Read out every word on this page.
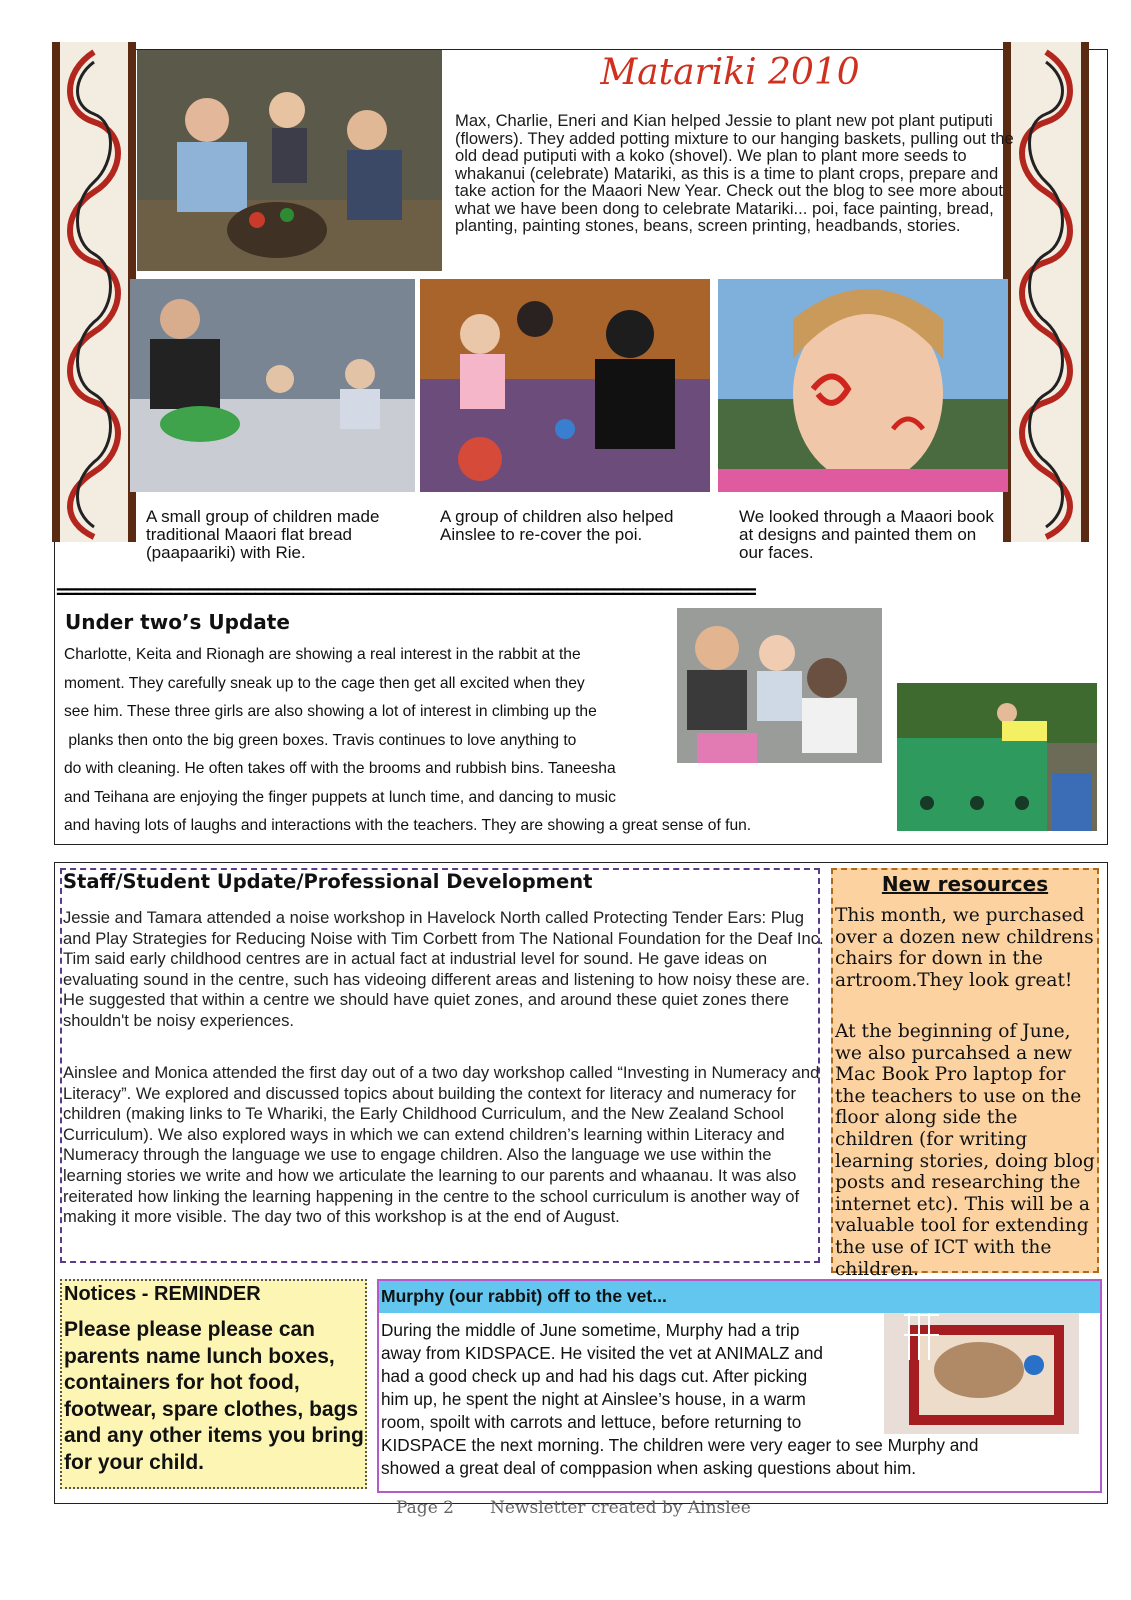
Matariki 2010
Max, Charlie, Eneri and Kian helped Jessie to plant new pot plant putiputi (flowers). They added potting mixture to our hanging baskets, pulling out the old dead putiputi with a koko (shovel). We plan to plant more seeds to whakanui (celebrate) Matariki, as this is a time to plant crops, prepare and take action for the Maaori New Year. Check out the blog to see more about what we have been dong to celebrate Matariki... poi, face painting, bread, planting, painting stones, beans, screen printing, headbands, stories.
A small group of children made traditional Maaori flat bread (paapaariki) with Rie.
A group of children also helped Ainslee to re-cover the poi.
We looked through a Maaori book at designs and painted them on our faces.
==========================================================================
Under two’s Update
Charlotte, Keita and Rionagh are showing a real interest in the rabbit at the
moment. They carefully sneak up to the cage then get all excited when they
see him. These three girls are also showing a lot of interest in climbing up the
planks then onto the big green boxes. Travis continues to love anything to
do with cleaning. He often takes off with the brooms and rubbish bins. Taneesha
and Teihana are enjoying the finger puppets at lunch time, and dancing to music
and having lots of laughs and interactions with the teachers. They are showing a great sense of fun.
Staff/Student Update/Professional Development
Jessie and Tamara attended a noise workshop in Havelock North called Protecting Tender Ears: Plug and Play Strategies for Reducing Noise with Tim Corbett from The National Foundation for the Deaf Inc. Tim said early childhood centres are in actual fact at industrial level for sound. He gave ideas on evaluating sound in the centre, such has videoing different areas and listening to how noisy these are. He suggested that within a centre we should have quiet zones, and around these quiet zones there shouldn't be noisy experiences.
Ainslee and Monica attended the first day out of a two day workshop called “Investing in Numeracy and Literacy”. We explored and discussed topics about building the context for literacy and numeracy for children (making links to Te Whariki, the Early Childhood Curriculum, and the New Zealand School Curriculum). We also explored ways in which we can extend children’s learning within Literacy and Numeracy through the language we use to engage children. Also the language we use within the learning stories we write and how we articulate the learning to our parents and whaanau. It was also reiterated how linking the learning happening in the centre to the school curriculum is another way of making it more visible. The day two of this workshop is at the end of August.
New resources
This month, we purchased over a dozen new childrens chairs for down in the artroom.They look great!
At the beginning of June, we also purcahsed a new Mac Book Pro laptop for the teachers to use on the floor along side the children (for writing learning stories, doing blog posts and researching the internet etc). This will be a valuable tool for extending the use of ICT with the children.
Notices - REMINDER
Please please please can parents name lunch boxes, containers for hot food, footwear, spare clothes, bags and any other items you bring for your child.
Murphy (our rabbit) off to the vet...
During the middle of June sometime, Murphy had a trip
away from KIDSPACE. He visited the vet at ANIMALZ and
had a good check up and had his dags cut. After picking
him up, he spent the night at Ainslee’s house, in a warm
room, spoilt with carrots and lettuce, before returning to
KIDSPACE the next morning. The children were very eager to see Murphy and
showed a great deal of comppasion when asking questions about him.
Page 2 Newsletter created by Ainslee
